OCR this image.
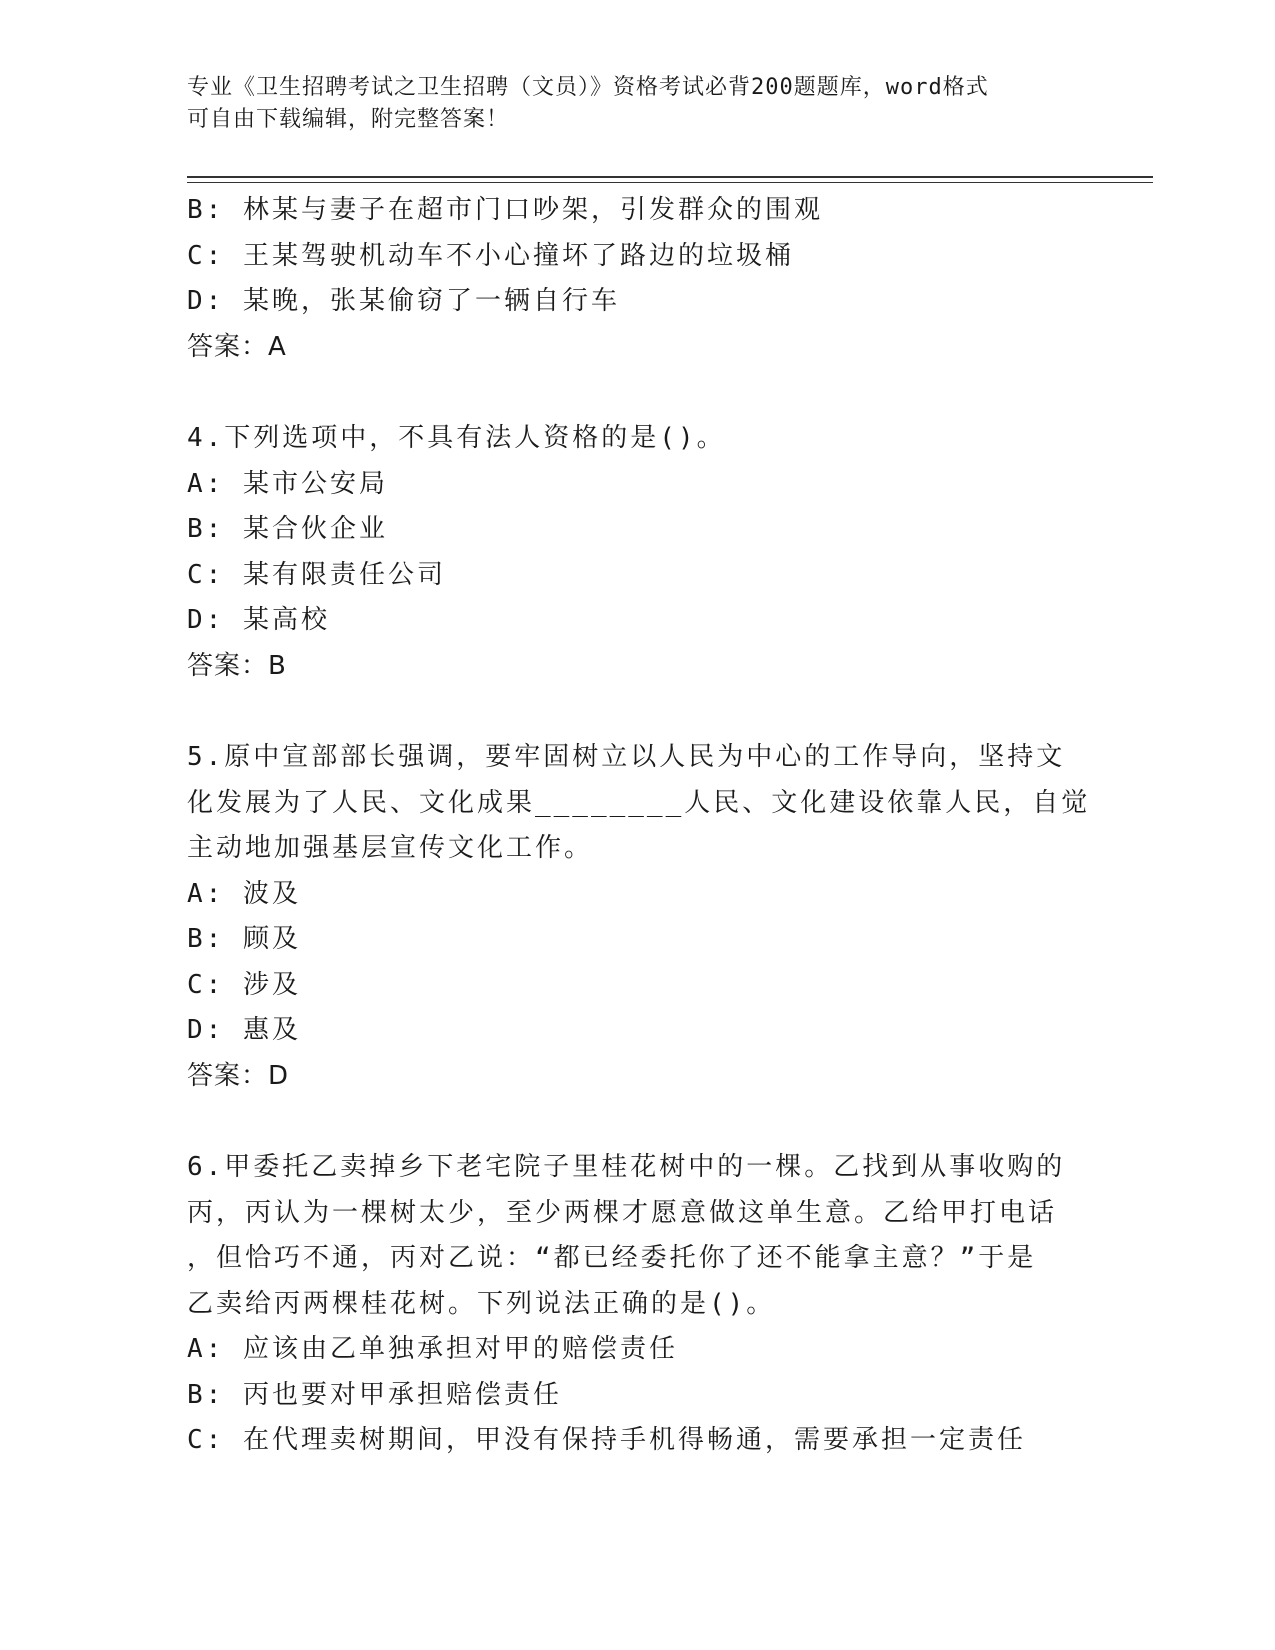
专业《卫生招聘考试之卫生招聘（文员）》资格考试必背200题题库，word格式
可自由下载编辑，附完整答案！
B: 林某与妻子在超市门口吵架，引发群众的围观
C: 王某驾驶机动车不小心撞坏了路边的垃圾桶
D: 某晚，张某偷窃了一辆自行车
答案：A
4.下列选项中，不具有法人资格的是()。
A: 某市公安局
B: 某合伙企业
C: 某有限责任公司
D: 某高校
答案：B
5.原中宣部部长强调，要牢固树立以人民为中心的工作导向，坚持文
化发展为了人民、文化成果________人民、文化建设依靠人民，自觉
主动地加强基层宣传文化工作。
A: 波及
B: 顾及
C: 涉及
D: 惠及
答案：D
6.甲委托乙卖掉乡下老宅院子里桂花树中的一棵。乙找到从事收购的
丙，丙认为一棵树太少，至少两棵才愿意做这单生意。乙给甲打电话
，但恰巧不通，丙对乙说：“都已经委托你了还不能拿主意？”于是
乙卖给丙两棵桂花树。下列说法正确的是()。
A: 应该由乙单独承担对甲的赔偿责任
B: 丙也要对甲承担赔偿责任
C: 在代理卖树期间，甲没有保持手机得畅通，需要承担一定责任
